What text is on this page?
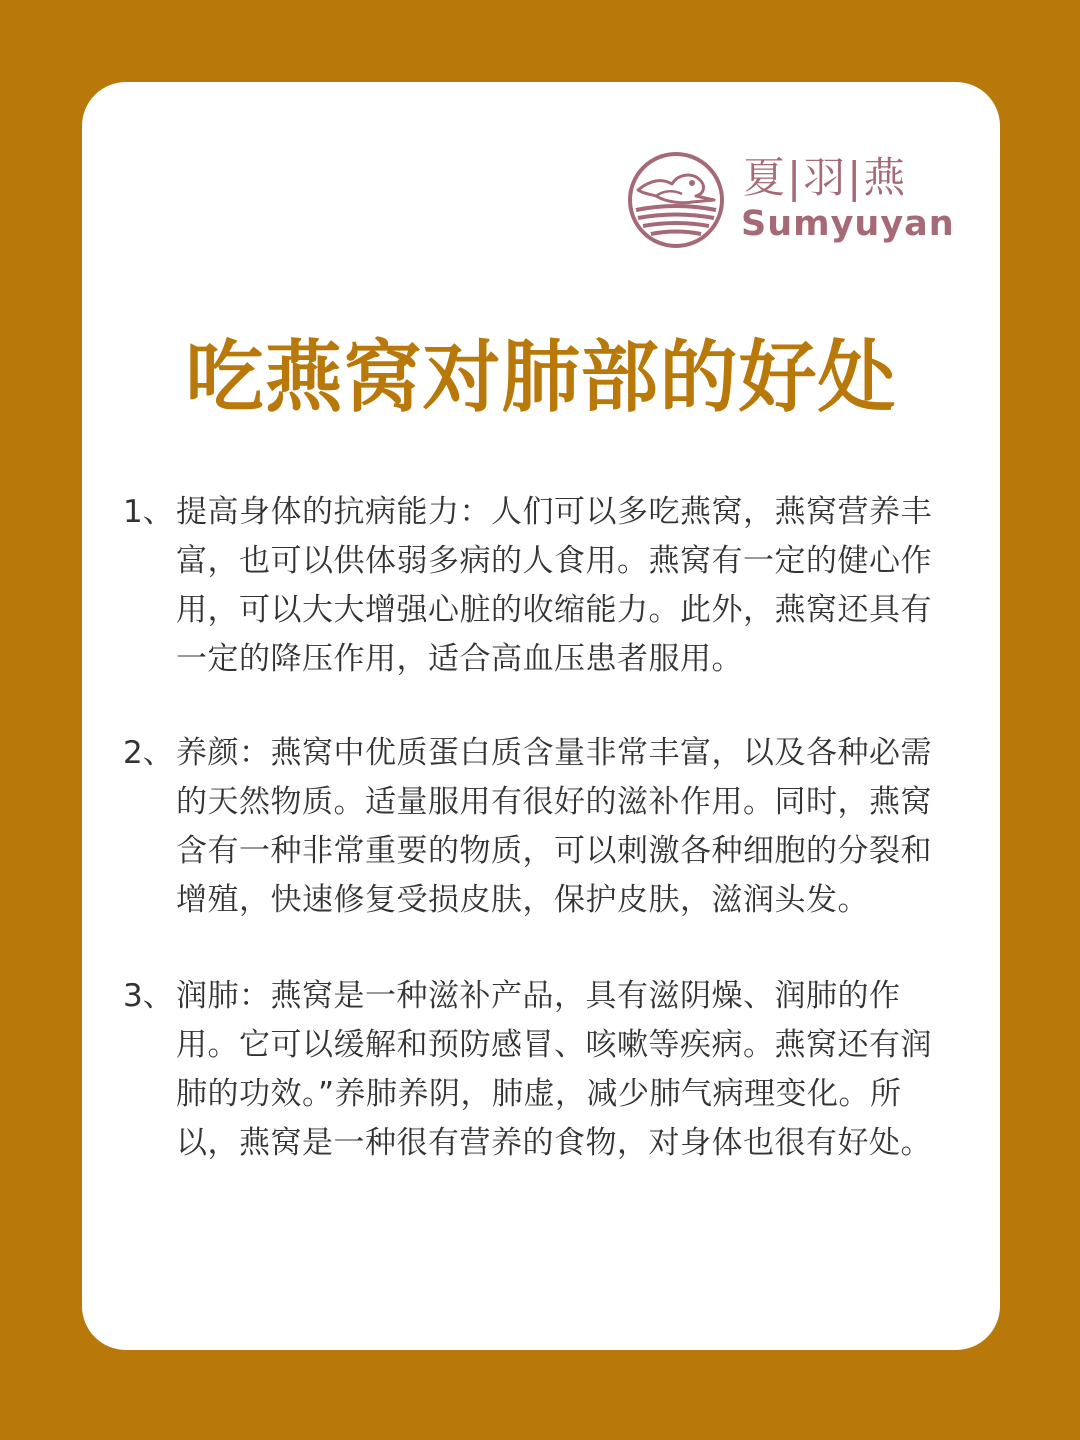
夏|羽|燕
Sumyuyan
吃燕窝对肺部的好处
1、 提高身体的抗病能力：人们可以多吃燕窝，燕窝营养丰富，也可以供体弱多病的人食用。燕窝有一定的健心作用，可以大大增强心脏的收缩能力。此外，燕窝还具有一定的降压作用，适合高血压患者服用。
2、 养颜：燕窝中优质蛋白质含量非常丰富，以及各种必需的天然物质。适量服用有很好的滋补作用。同时，燕窝含有一种非常重要的物质，可以刺激各种细胞的分裂和增殖，快速修复受损皮肤，保护皮肤，滋润头发。
3、 润肺：燕窝是一种滋补产品，具有滋阴燥、润肺的作用。它可以缓解和预防感冒、咳嗽等疾病。燕窝还有润肺的功效。”养肺养阴，肺虚，减少肺气病理变化。所以，燕窝是一种很有营养的食物，对身体也很有好处。
